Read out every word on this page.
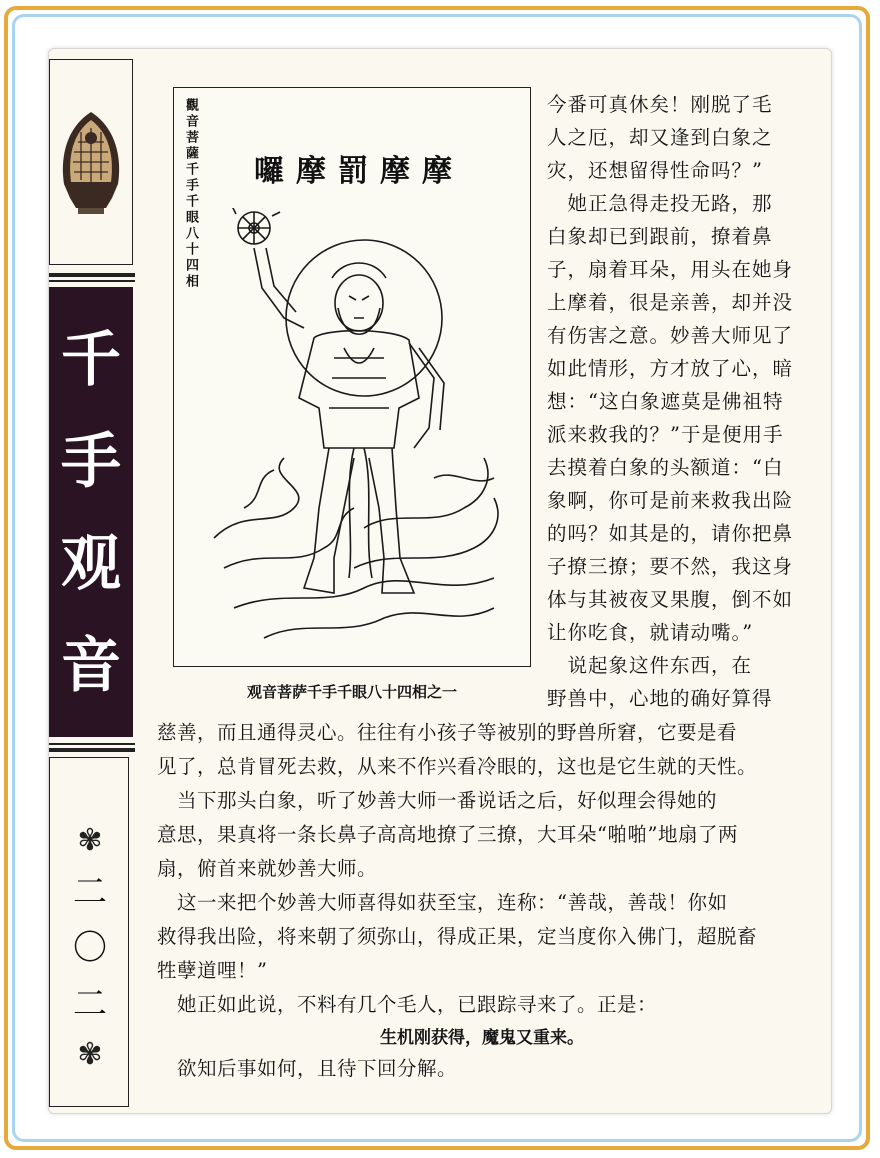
千
手
观
音
✾
二
〇
二
✾
觀音菩薩千手千眼八十四相 囉摩罰摩摩
观音菩萨千手千眼八十四相之一
今番可真休矣！刚脱了毛
人之厄，却又逢到白象之
灾，还想留得性命吗？”
　她正急得走投无路，那
白象却已到跟前，撩着鼻
子，扇着耳朵，用头在她身
上摩着，很是亲善，却并没
有伤害之意。妙善大师见了
如此情形，方才放了心，暗
想：“这白象遮莫是佛祖特
派来救我的？”于是便用手
去摸着白象的头额道：“白
象啊，你可是前来救我出险
的吗？如其是的，请你把鼻
子撩三撩；要不然，我这身
体与其被夜叉果腹，倒不如
让你吃食，就请动嘴。”
　说起象这件东西，在
野兽中，心地的确好算得
慈善，而且通得灵心。往往有小孩子等被别的野兽所窘，它要是看
见了，总肯冒死去救，从来不作兴看冷眼的，这也是它生就的天性。
　当下那头白象，听了妙善大师一番说话之后，好似理会得她的
意思，果真将一条长鼻子高高地撩了三撩，大耳朵“啪啪”地扇了两
扇，俯首来就妙善大师。
　这一来把个妙善大师喜得如获至宝，连称：“善哉，善哉！你如
救得我出险，将来朝了须弥山，得成正果，定当度你入佛门，超脱畜
牲孽道哩！”
　她正如此说，不料有几个毛人，已跟踪寻来了。正是：
生机刚获得，魔鬼又重来。
　欲知后事如何，且待下回分解。
